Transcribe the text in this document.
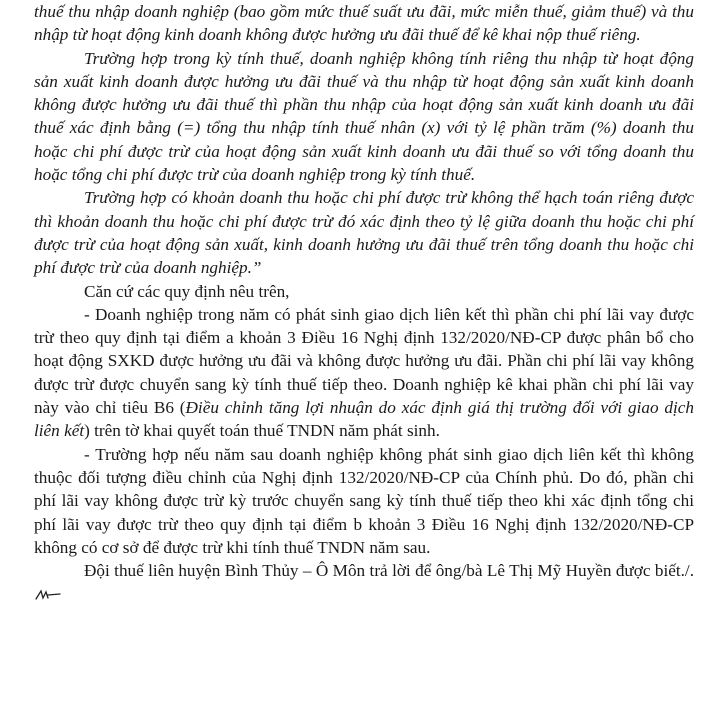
thuế thu nhập doanh nghiệp (bao gồm mức thuế suất ưu đãi, mức miễn thuế, giảm thuế) và thu nhập từ hoạt động kinh doanh không được hưởng ưu đãi thuế để kê khai nộp thuế riêng.

Trường hợp trong kỳ tính thuế, doanh nghiệp không tính riêng thu nhập từ hoạt động sản xuất kinh doanh được hưởng ưu đãi thuế và thu nhập từ hoạt động sản xuất kinh doanh không được hưởng ưu đãi thuế thì phần thu nhập của hoạt động sản xuất kinh doanh ưu đãi thuế xác định bằng (=) tổng thu nhập tính thuế nhân (x) với tỷ lệ phần trăm (%) doanh thu hoặc chi phí được trừ của hoạt động sản xuất kinh doanh ưu đãi thuế so với tổng doanh thu hoặc tổng chi phí được trừ của doanh nghiệp trong kỳ tính thuế.

Trường hợp có khoản doanh thu hoặc chi phí được trừ không thể hạch toán riêng được thì khoản doanh thu hoặc chi phí được trừ đó xác định theo tỷ lệ giữa doanh thu hoặc chi phí được trừ của hoạt động sản xuất, kinh doanh hưởng ưu đãi thuế trên tổng doanh thu hoặc chi phí được trừ của doanh nghiệp.”

Căn cứ các quy định nêu trên,

- Doanh nghiệp trong năm có phát sinh giao dịch liên kết thì phần chi phí lãi vay được trừ theo quy định tại điểm a khoản 3 Điều 16 Nghị định 132/2020/NĐ-CP được phân bổ cho hoạt động SXKD được hưởng ưu đãi và không được hưởng ưu đãi. Phần chi phí lãi vay không được trừ được chuyển sang kỳ tính thuế tiếp theo. Doanh nghiệp kê khai phần chi phí lãi vay này vào chỉ tiêu B6 (Điều chỉnh tăng lợi nhuận do xác định giá thị trường đối với giao dịch liên kết) trên tờ khai quyết toán thuế TNDN năm phát sinh.

- Trường hợp nếu năm sau doanh nghiệp không phát sinh giao dịch liên kết thì không thuộc đối tượng điều chỉnh của Nghị định 132/2020/NĐ-CP của Chính phủ. Do đó, phần chi phí lãi vay không được trừ kỳ trước chuyển sang kỳ tính thuế tiếp theo khi xác định tổng chi phí lãi vay được trừ theo quy định tại điểm b khoản 3 Điều 16 Nghị định 132/2020/NĐ-CP không có cơ sở để được trừ khi tính thuế TNDN năm sau.

Đội thuế liên huyện Bình Thủy – Ô Môn trả lời để ông/bà Lê Thị Mỹ Huyền được biết./.
